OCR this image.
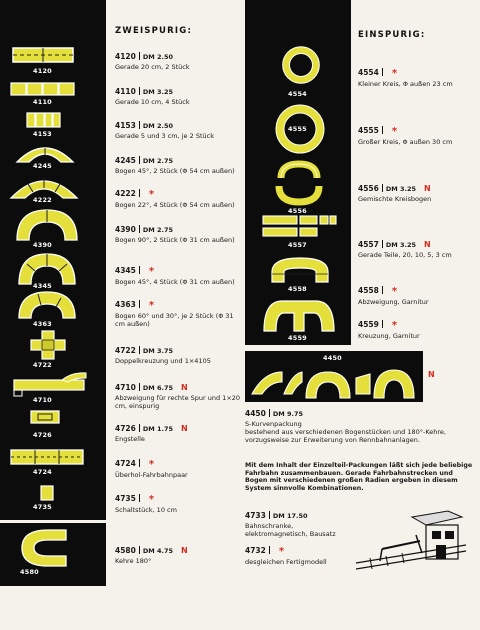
4120
4110
4153
4245
4222
4390
4345
4363
4722
4710
4726
4724
4735
4580
4554
4555
4556
4557
4558
4559
4450
ZWEISPURIG:	EINSPURIG:
4120 DM 2.50
Gerade 20 cm, 2 Stück
4110 DM 3.25
Gerade 10 cm, 4 Stück
4153 DM 2.50
Gerade 5 und 3 cm, je 2 Stück
4245 DM 2.75
Bogen 45°, 2 Stück (Φ 54 cm außen)
4222 *
Bogen 22°, 4 Stück (Φ 54 cm außen)
4390 DM 2.75
Bogen 90°, 2 Stück (Φ 31 cm außen)
4345 *
Bogen 45°, 4 Stück (Φ 31 cm außen)
4363 *
Bogen 60° und 30°, je 2 Stück (Φ 31 cm außen)
4722 DM 3.75
Doppelkreuzung und 1×4105
4710 DM 6.75 N
Abzweigung für rechte Spur und 1×20 cm, einspurig
4726 DM 1.75 N
Engstelle
4724 *
Überhol-Fahrbahnpaar
4735 *
Schaltstück, 10 cm
4580 DM 4.75 N
Kehre 180°
4554 *
Kleiner Kreis, Φ außen 23 cm
4555 *
Großer Kreis, Φ außen 30 cm
4556 DM 3.25 N
Gemischte Kreisbogen
4557 DM 3.25 N
Gerade Teile, 20, 10, 5, 3 cm
4558 *
Abzweigung, Garnitur
4559 *
Kreuzung, Garnitur
N
4450 DM 9.75
S-Kurvenpackung
bestehend aus verschiedenen Bogenstücken und 180°-Kehre, vorzugsweise zur Erweiterung von Rennbahnanlagen.
Mit dem Inhalt der Einzelteil-Packungen läßt sich jede beliebige Fahrbahn zusammenbauen. Gerade Fahrbahnstrecken und Bogen mit verschiedenen großen Radien ergeben in diesem System sinnvolle Kombinationen.
4733 DM 17.50
Bahnschranke, elektromagnetisch, Bausatz
4732 *
desgleichen Fertigmodell
